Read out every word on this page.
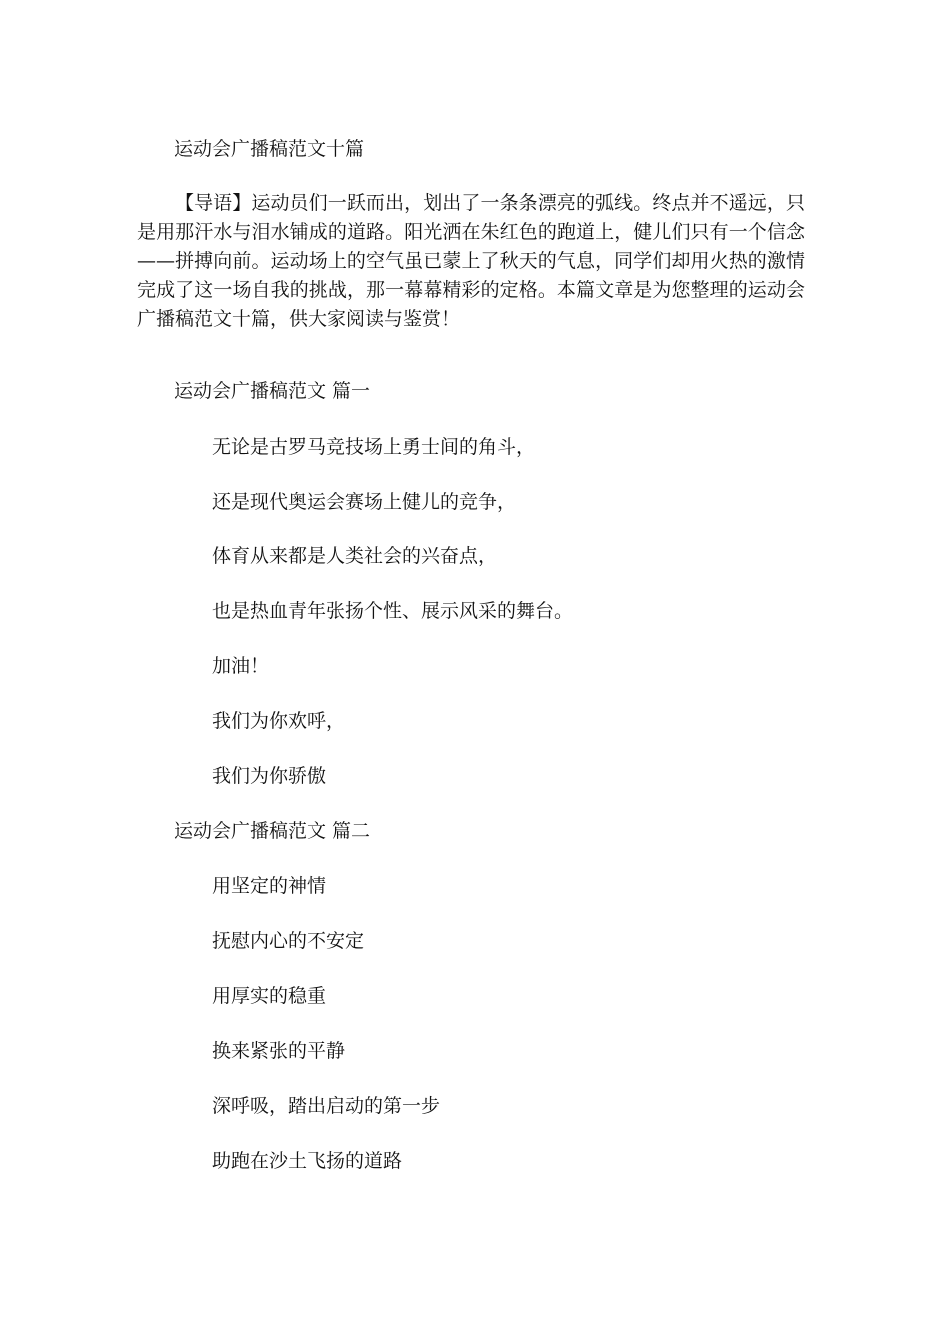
运动会广播稿范文十篇
【导语】运动员们一跃而出，划出了一条条漂亮的弧线。终点并不遥远，只是用那汗水与泪水铺成的道路。阳光洒在朱红色的跑道上，健儿们只有一个信念——拼搏向前。运动场上的空气虽已蒙上了秋天的气息，同学们却用火热的激情完成了这一场自我的挑战，那一幕幕精彩的定格。本篇文章是为您整理的运动会广播稿范文十篇，供大家阅读与鉴赏！
运动会广播稿范文 篇一
无论是古罗马竞技场上勇士间的角斗，
还是现代奥运会赛场上健儿的竞争，
体育从来都是人类社会的兴奋点，
也是热血青年张扬个性、展示风采的舞台。
加油！
我们为你欢呼，
我们为你骄傲
运动会广播稿范文 篇二
用坚定的神情
抚慰内心的不安定
用厚实的稳重
换来紧张的平静
深呼吸，踏出启动的第一步
助跑在沙土飞扬的道路
